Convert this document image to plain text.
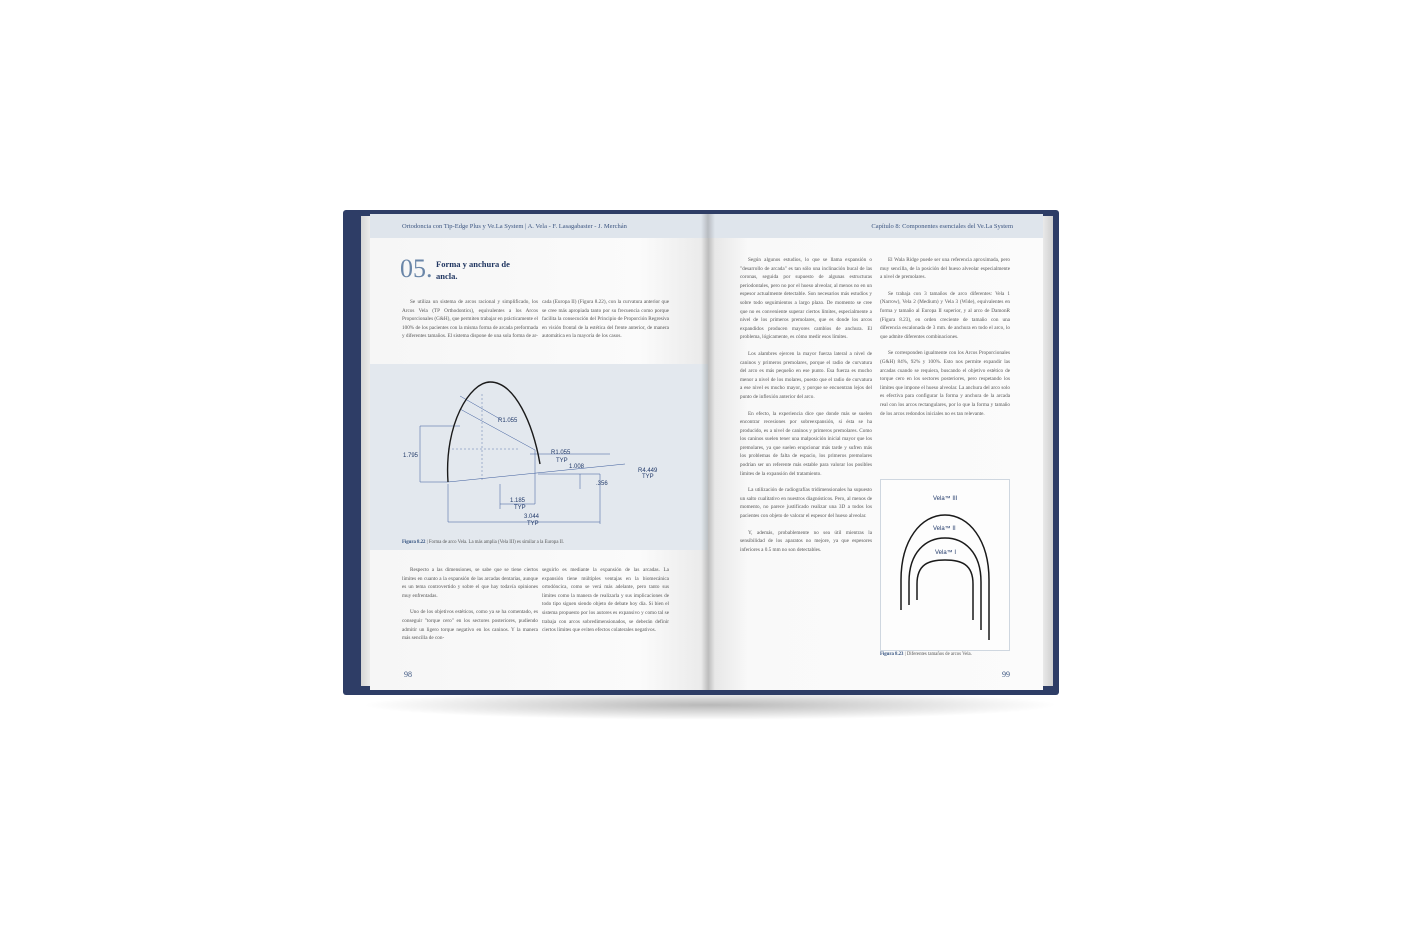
Ortodoncia con Tip-Edge Plus y Ve.La System | A. Vela - F. Lasagabaster - J. Merchán
05. Forma y anchura de ancla.

Se utiliza un sistema de arcos racional y simplificado, los Arcos Vela (TP Orthodontics), equivalentes a los Arcos Proporcionales (G&H), que permiten trabajar en prácticamente el 100% de los pacientes con la misma forma de arcada preformada y diferentes tamaños. El sistema dispone de una sola forma de ar-

cada (Europa II) (Figura 8.22), con la curvatura anterior que se cree más apropiada tanto por su frecuencia como porque facilita la consecución del Principio de Proporción Regresiva en visión frontal de la estética del frente anterior, de manera automática en la mayoría de los casos.

R1.055
R1.055
TYP
1.008
1.795
R4.449
TYP
.356
1.185
TYP
3.044
TYP
Figura 8.22 | Forma de arco Vela. La más amplia (Vela III) es similar a la Europa II.

Respecto a las dimensiones, se sabe que se tiene ciertos límites en cuanto a la expansión de las arcadas dentarias, aunque es un tema controvertido y sobre el que hay todavía opiniones muy enfrentadas.

Uno de los objetivos estéticos, como ya se ha comentado, es conseguir "torque cero" en los sectores posteriores, pudiendo admitir un ligero torque negativo en los caninos. Y la manera más sencilla de con-

seguirlo es mediante la expansión de las arcadas. La expansión tiene múltiples ventajas en la biomecánica ortodóncica, como se verá más adelante, pero tanto sus límites como la manera de realizarla y sus implicaciones de todo tipo siguen siendo objeto de debate hoy día. Si bien el sistema propuesto por los autores es expansivo y como tal se trabaja con arcos sobredimensionados, se deberán definir ciertos límites que eviten efectos colaterales negativos.

98
Capítulo 8: Componentes esenciales del Ve.La System

Según algunos estudios, lo que se llama expansión o "desarrollo de arcada" es tan sólo una inclinación bucal de las coronas, seguida por supuesto de algunas estructuras periodontales, pero no por el hueso alveolar, al menos no en un espesor actualmente detectable. Son necesarios más estudios y sobre todo seguimientos a largo plazo. De momento se cree que no es conveniente superar ciertos límites, especialmente a nivel de los primeros premolares, que es donde los arcos expandidos producen mayores cambios de anchura. El problema, lógicamente, es cómo medir esos límites.

Los alambres ejercen la mayor fuerza lateral a nivel de caninos y primeros premolares, porque el radio de curvatura del arco es más pequeño en ese punto. Esa fuerza es mucho menor a nivel de los molares, puesto que el radio de curvatura a ese nivel es mucho mayor, y porque se encuentran lejos del punto de inflexión anterior del arco.

En efecto, la experiencia dice que donde más se suelen encontrar recesiones por sobreexpansión, si ésta se ha producido, es a nivel de caninos y primeros premolares. Como los caninos suelen tener una malposición inicial mayor que los premolares, ya que suelen erupcionar más tarde y sufren más los problemas de falta de espacio, los primeros premolares podrían ser un referente más estable para valorar los posibles límites de la expansión del tratamiento.

La utilización de radiografías tridimensionales ha supuesto un salto cualitativo en nuestros diagnósticos. Pero, al menos de momento, no parece justificado realizar una 3D a todos los pacientes con objeto de valorar el espesor del hueso alveolar.

Y, además, probablemente no sea útil mientras la sensibilidad de los aparatos no mejore, ya que espesores inferiores a 0.5 mm no son detectables.

El Wala Ridge puede ser una referencia aproximada, pero muy sencilla, de la posición del hueso alveolar especialmente a nivel de premolares.

Se trabaja con 3 tamaños de arco diferentes: Vela 1 (Narrow), Vela 2 (Medium) y Vela 3 (Wide), equivalentes en forma y tamaño al Europa II superior, y al arco de DamonR (Figura 8.23), en orden creciente de tamaño con una diferencia escalonada de 3 mm. de anchura en todo el arco, lo que admite diferentes combinaciones.

Se corresponden igualmente con los Arcos Proporcionales (G&H) 84%, 92% y 100%. Esto nos permite expandir las arcadas cuando se requiera, buscando el objetivo estético de torque cero en los sectores posteriores, pero respetando los límites que impone el hueso alveolar. La anchura del arco solo es efectiva para configurar la forma y anchura de la arcada real con los arcos rectangulares, por lo que la forma y tamaño de los arcos redondos iniciales no es tan relevante.

Vela™ III
Vela™ II
Vela™ I
Figura 8.23 | Diferentes tamaños de arcos Vela.
99
